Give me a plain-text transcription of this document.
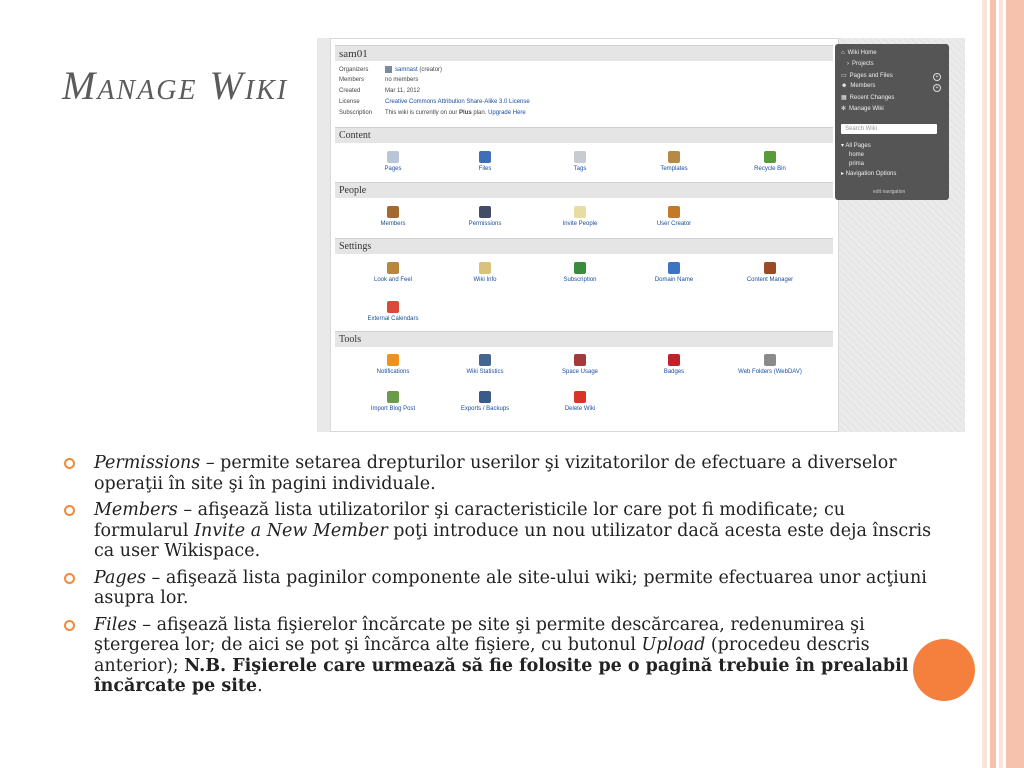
Manage Wiki
sam01
Organizers	samnast (creator)
Members	no members
Created	Mar 11, 2012
License	Creative Commons Attribution Share-Alike 3.0 License
Subscription This wiki is currently on our Plus plan. Upgrade Here
Content
Pages	Files	Tags	Templates	Recycle Bin
People
Members	Permissions	Invite People	User Creator
Settings
Look and Feel	Wiki Info	Subscription	Domain Name	Content Manager
External Calendars
Tools
Notifications	Wiki Statistics	Space Usage	Badges	Web Folders (WebDAV)
Import Blog Post	Exports / Backups	Delete Wiki
⌂ Wiki Home
› Projects
▭ Pages and Files	+
☻ Members	+
▦ Recent Changes
✻ Manage Wiki
Search Wiki
▾ All Pages
home
prima
▸ Navigation Options
edit navigation
Permissions – permite setarea drepturilor userilor şi vizitatorilor de efectuare a diverselor operaţii în site şi în pagini individuale.
Members – afişează lista utilizatorilor şi caracteristicile lor care pot fi modificate; cu formularul Invite a New Member poţi introduce un nou utilizator dacă acesta este deja înscris ca user Wikispace.
Pages – afişează lista paginilor componente ale site-ului wiki; permite efectuarea unor acţiuni asupra lor.
Files – afişează lista fişierelor încărcate pe site şi permite descărcarea, redenumirea şi ştergerea lor; de aici se pot şi încărca alte fişiere, cu butonul Upload (procedeu descris anterior); N.B. Fişierele care urmează să fie folosite pe o pagină trebuie în prealabil încărcate pe site.
